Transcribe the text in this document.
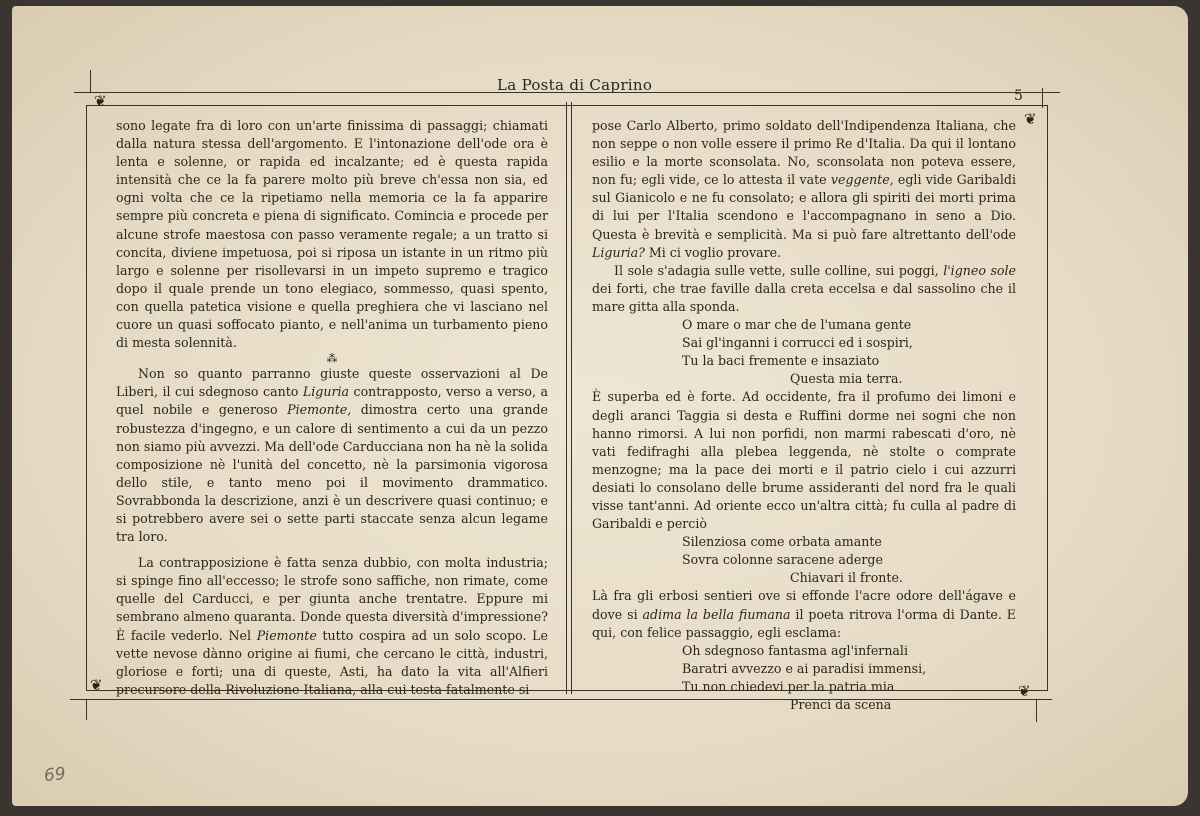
La Posta di Caprino
5
69
❦
❦
❦	❦

sono legate fra di loro con un'arte finissima di passaggi; chiamati dalla natura stessa dell'argomento. E l'intonazione dell'ode ora è lenta e solenne, or rapida ed incalzante; ed è questa rapida intensità che ce la fa parere molto più breve ch'essa non sia, ed ogni volta che ce la ripetiamo nella memoria ce la fa apparire sempre più concreta e piena di significato. Comincia e procede per alcune strofe maestosa con passo veramente regale; a un tratto si concita, diviene impetuosa, poi si riposa un istante in un ritmo più largo e solenne per risollevarsi in un impeto supremo e tragico dopo il quale prende un tono elegiaco, sommesso, quasi spento, con quella patetica visione e quella preghiera che vi lasciano nel cuore un quasi soffocato pianto, e nell'anima un turbamento pieno di mesta solennità.

⁂

Non so quanto parranno giuste queste osservazioni al De Liberi, il cui sdegnoso canto Liguria contrapposto, verso a verso, a quel nobile e generoso Piemonte, dimostra certo una grande robustezza d'ingegno, e un calore di sentimento a cui da un pezzo non siamo più avvezzi. Ma dell'ode Carducciana non ha nè la solida composizione nè l'unità del concetto, nè la parsimonia vigorosa dello stile, e tanto meno poi il movimento drammatico. Sovrabbonda la descrizione, anzi è un descrivere quasi continuo; e si potrebbero avere sei o sette parti staccate senza alcun legame tra loro.

La contrapposizione è fatta senza dubbio, con molta industria; si spinge fino all'eccesso; le strofe sono saffiche, non rimate, come quelle del Carducci, e per giunta anche trentatre. Eppure mi sembrano almeno quaranta. Donde questa diversità d'impressione? È facile vederlo. Nel Piemonte tutto cospira ad un solo scopo. Le vette nevose dànno origine ai fiumi, che cercano le città, industri, gloriose e forti; una di queste, Asti, ha dato la vita all'Alfieri precursore della Rivoluzione Italiana, alla cui testa fatalmente si

pose Carlo Alberto, primo soldato dell'Indipendenza Italiana, che non seppe o non volle essere il primo Re d'Italia. Da qui il lontano esilio e la morte sconsolata. No, sconsolata non poteva essere, non fu; egli vide, ce lo attesta il vate veggente, egli vide Garibaldi sul Gianicolo e ne fu consolato; e allora gli spiriti dei morti prima di lui per l'Italia scendono e l'accompagnano in seno a Dio. Questa è brevità e semplicità. Ma si può fare altrettanto dell'ode Liguria? Mi ci voglio provare.

Il sole s'adagia sulle vette, sulle colline, sui poggi, l'igneo sole dei forti, che trae faville dalla creta eccelsa e dal sassolino che il mare gitta alla sponda.

O mare o mar che de l'umana gente
Sai gl'inganni i corrucci ed i sospiri,
Tu la baci fremente e insaziato
Questa mia terra.

È superba ed è forte. Ad occidente, fra il profumo dei limoni e degli aranci Taggia si desta e Ruffini dorme nei sogni che non hanno rimorsi. A lui non porfidi, non marmi rabescati d'oro, nè vati fedifraghi alla plebea leggenda, nè stolte o comprate menzogne; ma la pace dei morti e il patrio cielo i cui azzurri desiati lo consolano delle brume assideranti del nord fra le quali visse tant'anni. Ad oriente ecco un'altra città; fu culla al padre di Garibaldi e perciò

Silenziosa come orbata amante
Sovra colonne saracene aderge
Chiavari il fronte.

Là fra gli erbosi sentieri ove si effonde l'acre odore dell'ágave e dove si adima la bella fiumana il poeta ritrova l'orma di Dante. E qui, con felice passaggio, egli esclama:

Oh sdegnoso fantasma agl'infernali
Baratri avvezzo e ai paradisi immensi,
Tu non chiedevi per la patria mia
Prenci da scena
